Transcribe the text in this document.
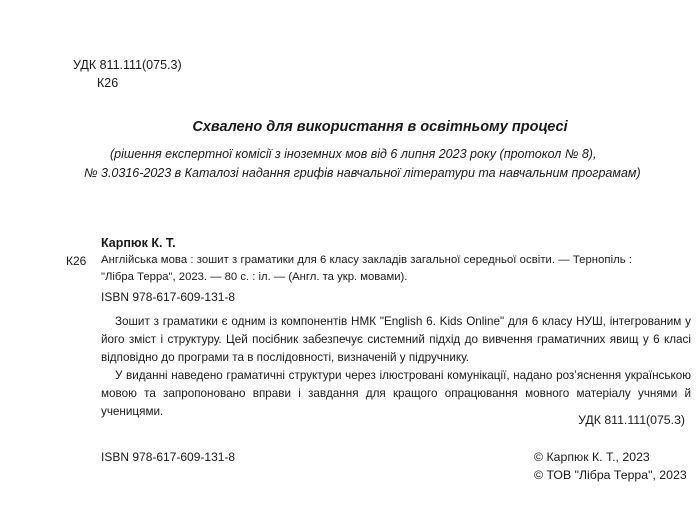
УДК 811.111(075.3)
К26
Схвалено для використання в освітньому процесі
(рішення експертної комісії з іноземних мов від 6 липня 2023 року (протокол № 8),
№ 3.0316-2023 в Каталозі надання грифів навчальної літератури та навчальним програмам)
Карпюк К. Т.
К26 Англійська мова : зошит з граматики для 6 класу закладів загальної середньої освіти. — Тернопіль :
"Лібра Терра", 2023. — 80 с. : іл. — (Англ. та укр. мовами).
ISBN 978-617-609-131-8

Зошит з граматики є одним із компонентів НМК "English 6. Kids Online" для 6 класу НУШ, інтегрованим у його зміст і структуру. Цей посібник забезпечує системний підхід до вивчення граматичних явищ у 6 класі відповідно до програми та в послідовності, визначеній у підручнику.

У виданні наведено граматичні структури через ілюстровані комунікації, надано розʼяснення українською мовою та запропоновано вправи і завдання для кращого опрацювання мовного матеріалу учнями й ученицями.

УДК 811.111(075.3)
ISBN 978-617-609-131-8	© Карпюк К. Т., 2023
© ТОВ "Лібра Терра", 2023
